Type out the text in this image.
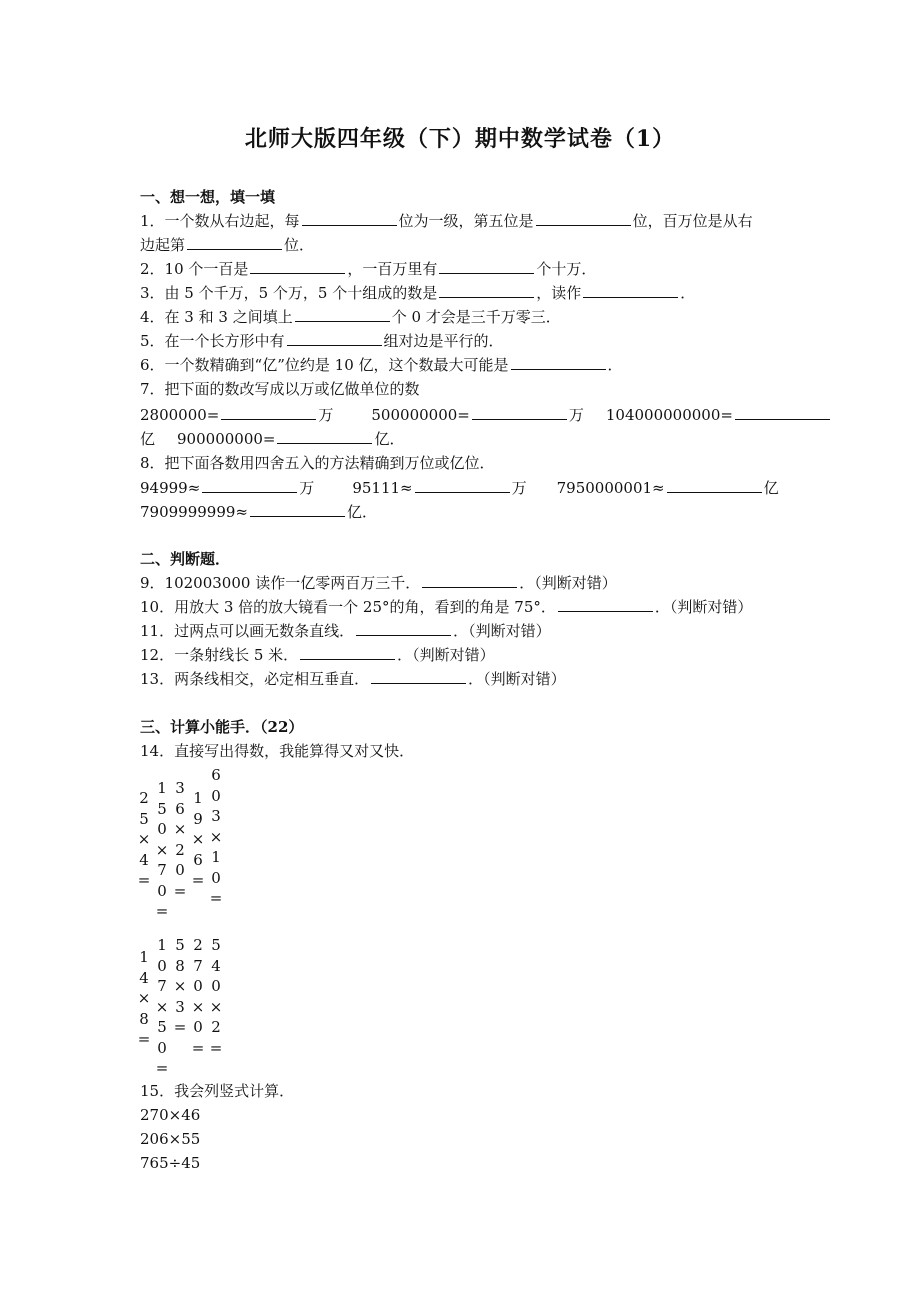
北师大版四年级（下）期中数学试卷（1）
一、想一想，填一填
1．一个数从右边起，每	位为一级，第五位是	位，百万位是从右
边起第	位．
2．10 个一百是	，一百万里有	个十万．
3．由 5 个千万，5 个万，5 个十组成的数是	，读作	．
4．在 3 和 3 之间填上	个 0 才会是三千万零三．
5．在一个长方形中有	组对边是平行的．
6．一个数精确到“亿”位约是 10 亿，这个数最大可能是	．
7．把下面的数改写成以万或亿做单位的数
2800000=	万	500000000=	万 104000000000=
亿 900000000=	亿．
8．把下面各数用四舍五入的方法精确到万位或亿位．
94999≈	万	95111≈	万 7950000001≈	亿
7909999999≈	亿．
二、判断题．
9．102003000 读作一亿零两百万三千．	．（判断对错）
10．用放大 3 倍的放大镜看一个 25°的角，看到的角是 75°．	．（判断对错）
11．过两点可以画无数条直线．	．（判断对错）
12．一条射线长 5 米．	．（判断对错）
13．两条线相交，必定相互垂直．	．（判断对错）
三、计算小能手．（22）
14．直接写出得数，我能算得又对又快．
25×4=
150×70=
36×20=
19×6=
603×10=
14×8=
107×50=
58×3=
270×0=
540×2=
15．我会列竖式计算．
270×46
206×55
765÷45
